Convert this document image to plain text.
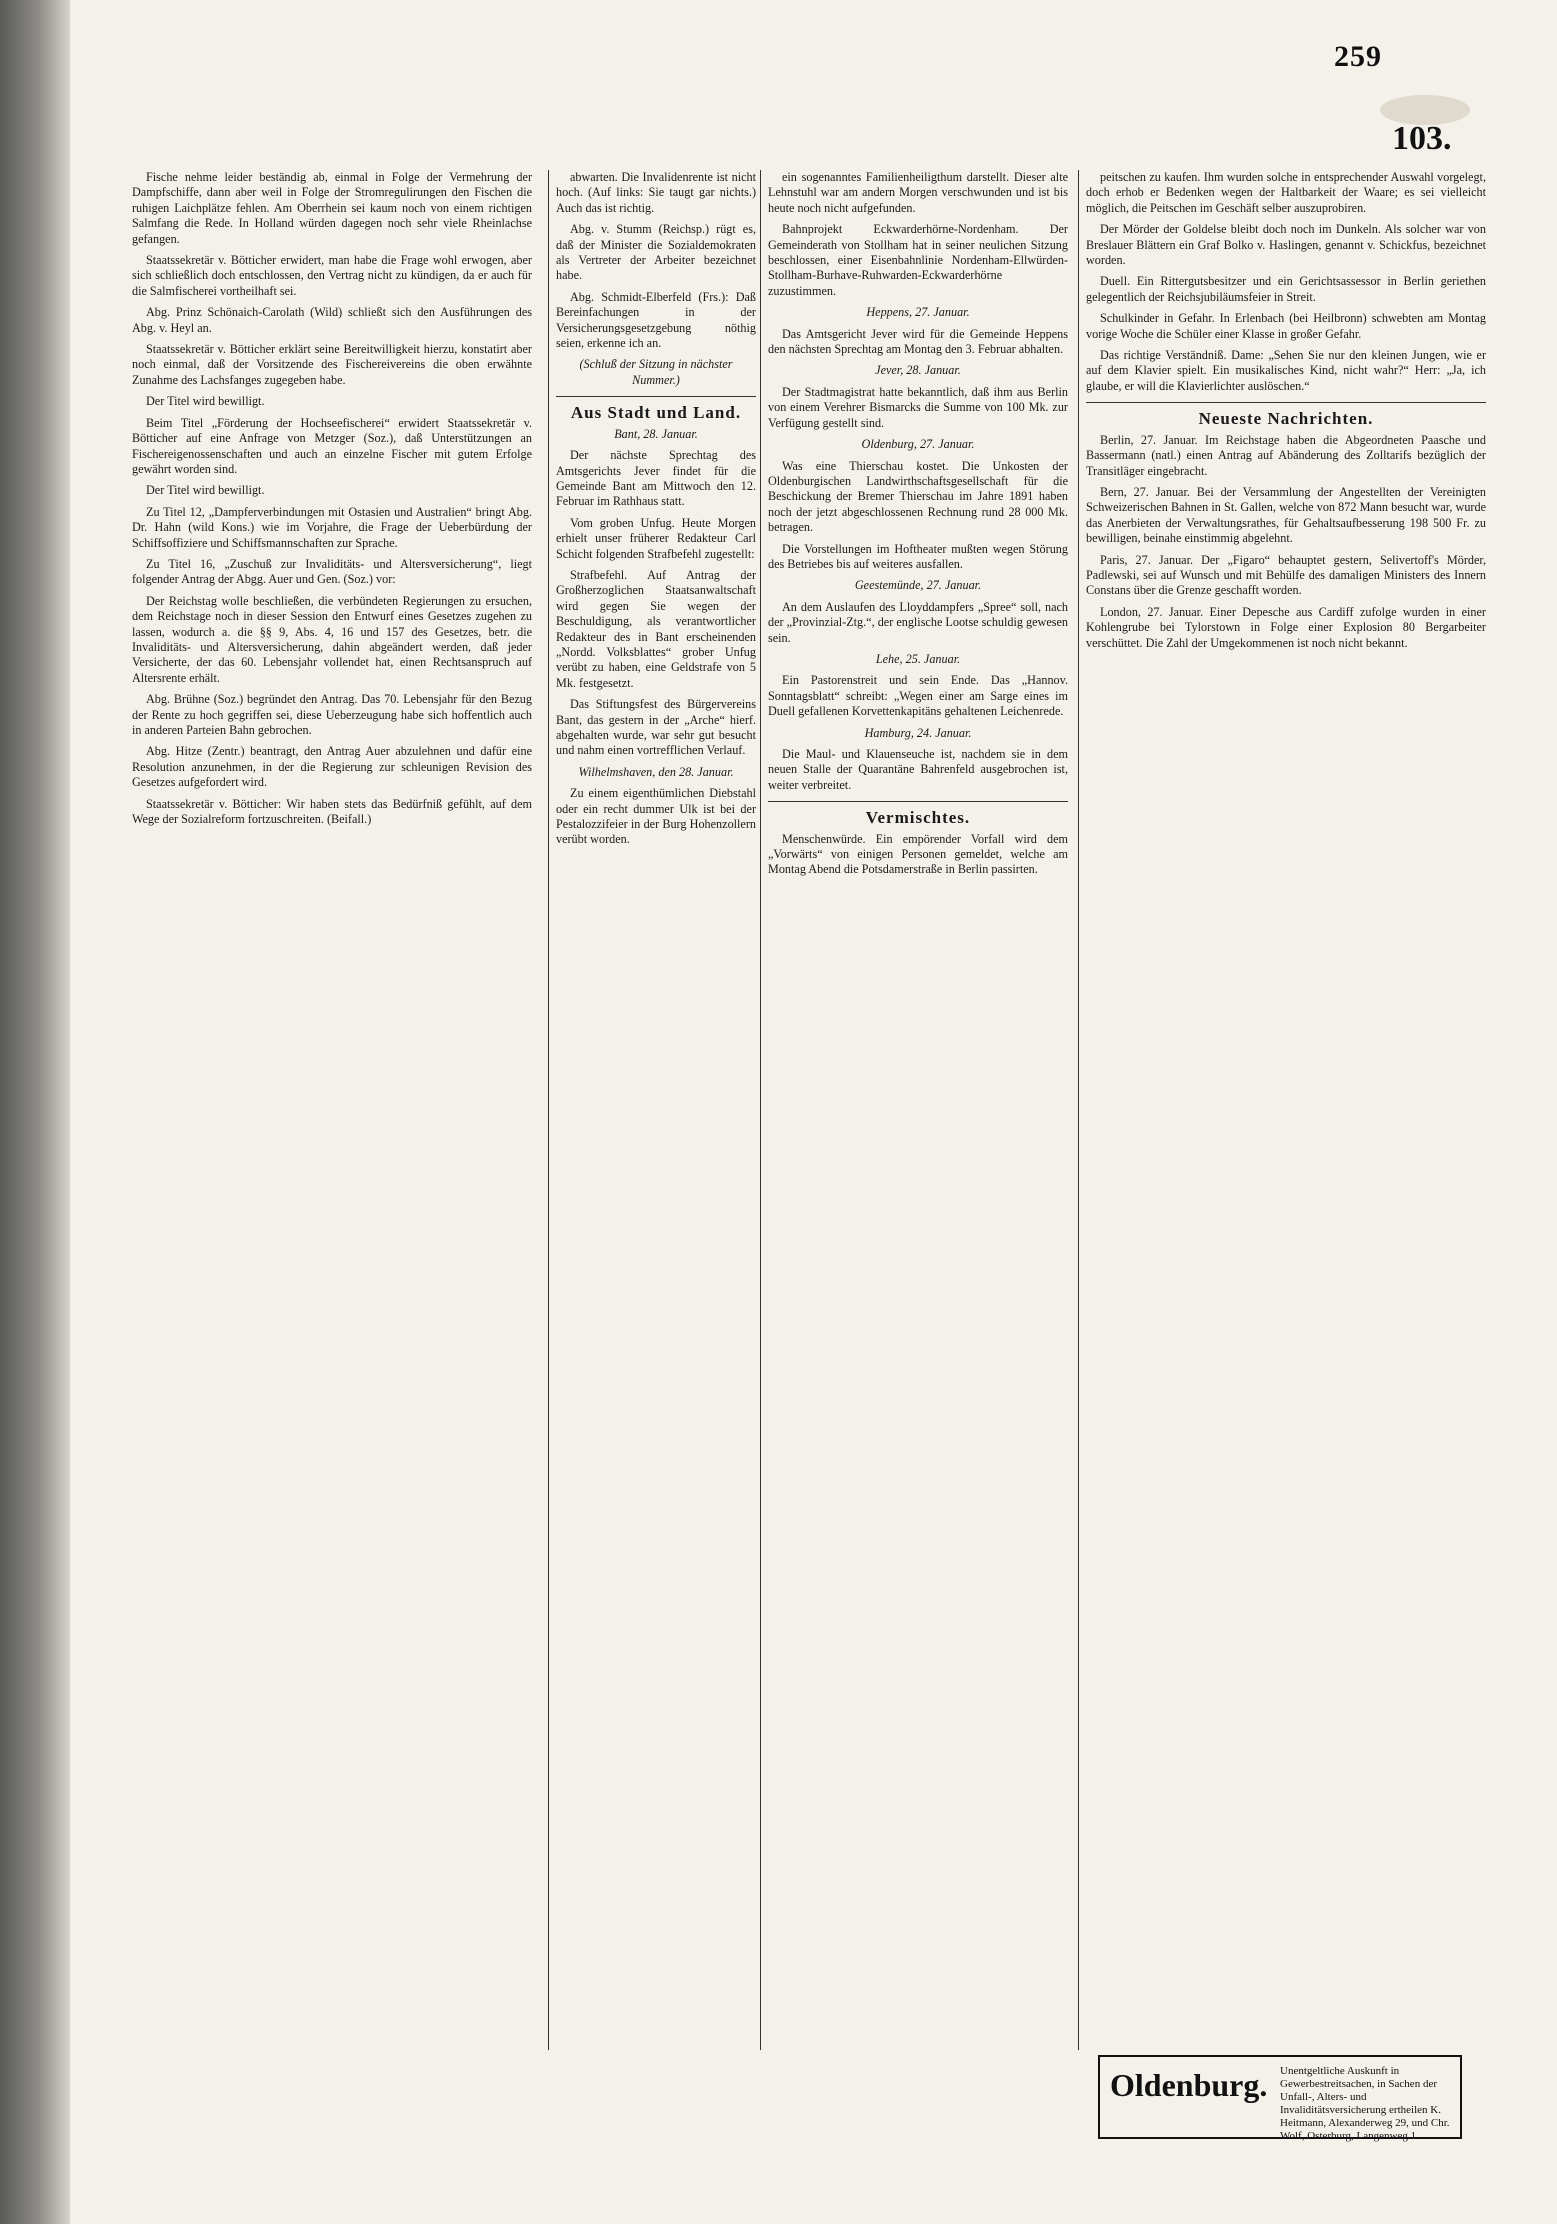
259
103.

Fische nehme leider beständig ab, einmal in Folge der Vermehrung der Dampfschiffe, dann aber weil in Folge der Stromregulirungen den Fischen die ruhigen Laichplätze fehlen. Am Oberrhein sei kaum noch von einem richtigen Salmfang die Rede. In Holland würden dagegen noch sehr viele Rheinlachse gefangen.

Staatssekretär v. Bötticher erwidert, man habe die Frage wohl erwogen, aber sich schließlich doch entschlossen, den Vertrag nicht zu kündigen, da er auch für die Salmfischerei vortheilhaft sei.

Abg. Prinz Schönaich-Carolath (Wild) schließt sich den Ausführungen des Abg. v. Heyl an.

Staatssekretär v. Bötticher erklärt seine Bereitwilligkeit hierzu, konstatirt aber noch einmal, daß der Vorsitzende des Fischereivereins die oben erwähnte Zunahme des Lachsfanges zugegeben habe.

Der Titel wird bewilligt.

Beim Titel „Förderung der Hochseefischerei“ erwidert Staatssekretär v. Bötticher auf eine Anfrage von Metzger (Soz.), daß Unterstützungen an Fischereigenossenschaften und auch an einzelne Fischer mit gutem Erfolge gewährt worden sind.

Der Titel wird bewilligt.

Zu Titel 12, „Dampferverbindungen mit Ostasien und Australien“ bringt Abg. Dr. Hahn (wild Kons.) wie im Vorjahre, die Frage der Ueberbürdung der Schiffsoffiziere und Schiffsmannschaften zur Sprache.

Zu Titel 16, „Zuschuß zur Invaliditäts- und Altersversicherung“, liegt folgender Antrag der Abgg. Auer und Gen. (Soz.) vor:

Der Reichstag wolle beschließen, die verbündeten Regierungen zu ersuchen, dem Reichstage noch in dieser Session den Entwurf eines Gesetzes zugehen zu lassen, wodurch a. die §§ 9, Abs. 4, 16 und 157 des Gesetzes, betr. die Invaliditäts- und Altersversicherung, dahin abgeändert werden, daß jeder Versicherte, der das 60. Lebensjahr vollendet hat, einen Rechtsanspruch auf Altersrente erhält.

Abg. Brühne (Soz.) begründet den Antrag. Das 70. Lebensjahr für den Bezug der Rente zu hoch gegriffen sei, diese Ueberzeugung habe sich hoffentlich auch in anderen Parteien Bahn gebrochen.

Abg. Hitze (Zentr.) beantragt, den Antrag Auer abzulehnen und dafür eine Resolution anzunehmen, in der die Regierung zur schleunigen Revision des Gesetzes aufgefordert wird.

Staatssekretär v. Bötticher: Wir haben stets das Bedürfniß gefühlt, auf dem Wege der Sozialreform fortzuschreiten. (Beifall.)

abwarten. Die Invalidenrente ist nicht hoch. (Auf links: Sie taugt gar nichts.) Auch das ist richtig.

Abg. v. Stumm (Reichsp.) rügt es, daß der Minister die Sozialdemokraten als Vertreter der Arbeiter bezeichnet habe.

Abg. Schmidt-Elberfeld (Frs.): Daß Bereinfachungen in der Versicherungsgesetzgebung nöthig seien, erkenne ich an.

(Schluß der Sitzung in nächster Nummer.)

Aus Stadt und Land.

Bant, 28. Januar.

Der nächste Sprechtag des Amtsgerichts Jever findet für die Gemeinde Bant am Mittwoch den 12. Februar im Rathhaus statt.

Vom groben Unfug. Heute Morgen erhielt unser früherer Redakteur Carl Schicht folgenden Strafbefehl zugestellt:

Strafbefehl. Auf Antrag der Großherzoglichen Staatsanwaltschaft wird gegen Sie wegen der Beschuldigung, als verantwortlicher Redakteur des in Bant erscheinenden „Nordd. Volksblattes“ grober Unfug verübt zu haben, eine Geldstrafe von 5 Mk. festgesetzt.

Das Stiftungsfest des Bürgervereins Bant, das gestern in der „Arche“ hierf. abgehalten wurde, war sehr gut besucht und nahm einen vortrefflichen Verlauf.

Wilhelmshaven, den 28. Januar.

Zu einem eigenthümlichen Diebstahl oder ein recht dummer Ulk ist bei der Pestalozzifeier in der Burg Hohenzollern verübt worden.

ein sogenanntes Familienheiligthum darstellt. Dieser alte Lehnstuhl war am andern Morgen verschwunden und ist bis heute noch nicht aufgefunden.

Bahnprojekt Eckwarderhörne-Nordenham. Der Gemeinderath von Stollham hat in seiner neulichen Sitzung beschlossen, einer Eisenbahnlinie Nordenham-Ellwürden-Stollham-Burhave-Ruhwarden-Eckwarderhörne zuzustimmen.

Heppens, 27. Januar.

Das Amtsgericht Jever wird für die Gemeinde Heppens den nächsten Sprechtag am Montag den 3. Februar abhalten.

Jever, 28. Januar.

Der Stadtmagistrat hatte bekanntlich, daß ihm aus Berlin von einem Verehrer Bismarcks die Summe von 100 Mk. zur Verfügung gestellt sind.

Oldenburg, 27. Januar.

Was eine Thierschau kostet. Die Unkosten der Oldenburgischen Landwirthschaftsgesellschaft für die Beschickung der Bremer Thierschau im Jahre 1891 haben noch der jetzt abgeschlossenen Rechnung rund 28 000 Mk. betragen.

Die Vorstellungen im Hoftheater mußten wegen Störung des Betriebes bis auf weiteres ausfallen.

Geestemünde, 27. Januar.

An dem Auslaufen des Lloyddampfers „Spree“ soll, nach der „Provinzial-Ztg.“, der englische Lootse schuldig gewesen sein.

Lehe, 25. Januar.

Ein Pastorenstreit und sein Ende. Das „Hannov. Sonntagsblatt“ schreibt: „Wegen einer am Sarge eines im Duell gefallenen Korvettenkapitäns gehaltenen Leichenrede.

Hamburg, 24. Januar.

Die Maul- und Klauenseuche ist, nachdem sie in dem neuen Stalle der Quarantäne Bahrenfeld ausgebrochen ist, weiter verbreitet.

Vermischtes.

Menschenwürde. Ein empörender Vorfall wird dem „Vorwärts“ von einigen Personen gemeldet, welche am Montag Abend die Potsdamerstraße in Berlin passirten.

peitschen zu kaufen. Ihm wurden solche in entsprechender Auswahl vorgelegt, doch erhob er Bedenken wegen der Haltbarkeit der Waare; es sei vielleicht möglich, die Peitschen im Geschäft selber auszuprobiren.

Der Mörder der Goldelse bleibt doch noch im Dunkeln. Als solcher war von Breslauer Blättern ein Graf Bolko v. Haslingen, genannt v. Schickfus, bezeichnet worden.

Duell. Ein Rittergutsbesitzer und ein Gerichtsassessor in Berlin geriethen gelegentlich der Reichsjubiläumsfeier in Streit.

Schulkinder in Gefahr. In Erlenbach (bei Heilbronn) schwebten am Montag vorige Woche die Schüler einer Klasse in großer Gefahr.

Das richtige Verständniß. Dame: „Sehen Sie nur den kleinen Jungen, wie er auf dem Klavier spielt. Ein musikalisches Kind, nicht wahr?“ Herr: „Ja, ich glaube, er will die Klavierlichter auslöschen.“

Neueste Nachrichten.

Berlin, 27. Januar. Im Reichstage haben die Abgeordneten Paasche und Bassermann (natl.) einen Antrag auf Abänderung des Zolltarifs bezüglich der Transitläger eingebracht.

Bern, 27. Januar. Bei der Versammlung der Angestellten der Vereinigten Schweizerischen Bahnen in St. Gallen, welche von 872 Mann besucht war, wurde das Anerbieten der Verwaltungsrathes, für Gehaltsaufbesserung 198 500 Fr. zu bewilligen, beinahe einstimmig abgelehnt.

Paris, 27. Januar. Der „Figaro“ behauptet gestern, Selivertoff's Mörder, Padlewski, sei auf Wunsch und mit Behülfe des damaligen Ministers des Innern Constans über die Grenze geschafft worden.

London, 27. Januar. Einer Depesche aus Cardiff zufolge wurden in einer Kohlengrube bei Tylorstown in Folge einer Explosion 80 Bergarbeiter verschüttet. Die Zahl der Umgekommenen ist noch nicht bekannt.

Oldenburg. Unentgeltliche Auskunft in Gewerbestreitsachen, in Sachen der Unfall-, Alters- und Invaliditätsversicherung ertheilen K. Heitmann, Alexanderweg 29, und Chr. Wolf, Osterburg, Langenweg 1.
